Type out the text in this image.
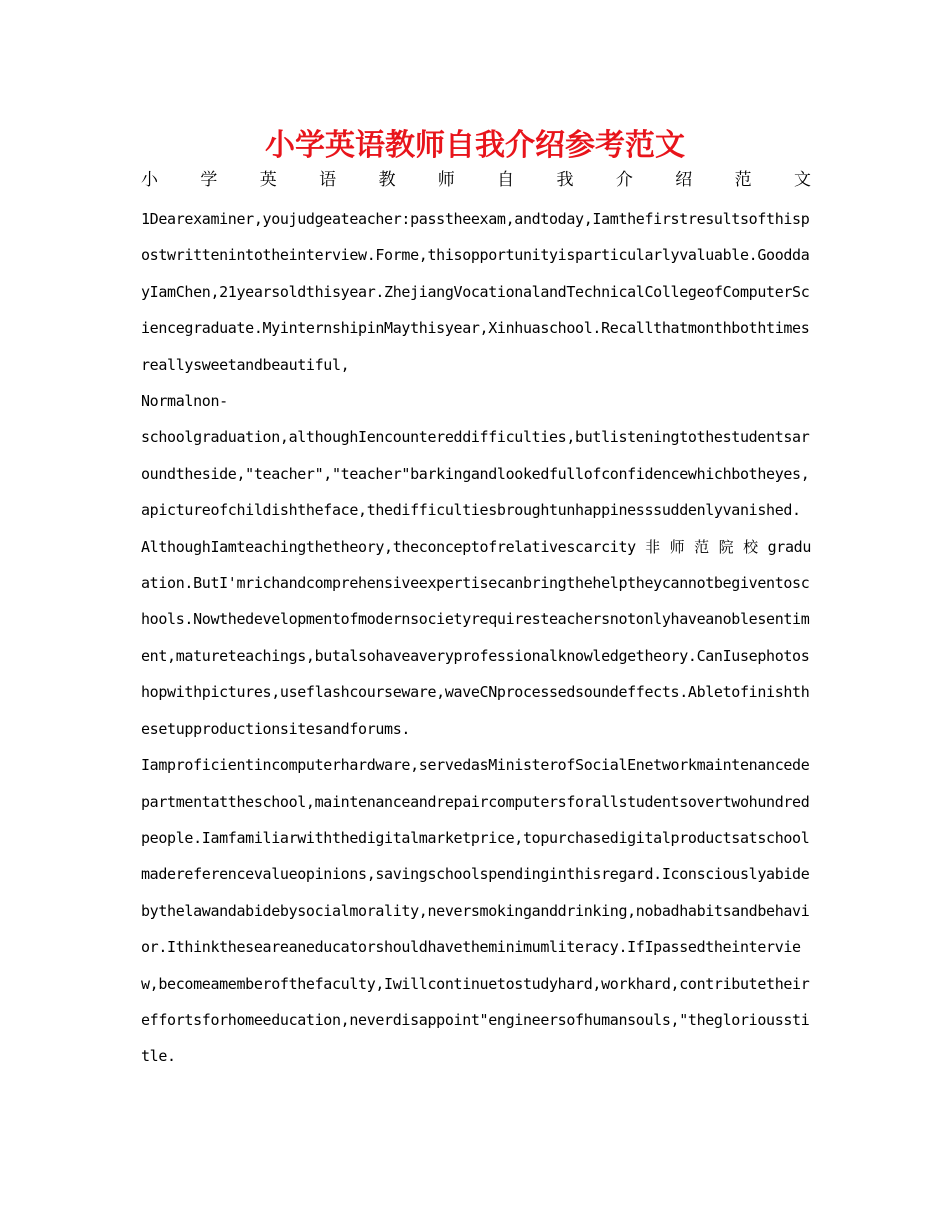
小学英语教师自我介绍参考范文
小 学 英 语 教 师 自 我 介 绍 范 文

1Dearexaminer,youjudgeateacher:passtheexam,andtoday,Iamthefirstresultsofthispostwrittenintotheinterview.Forme,thisopportunityisparticularlyvaluable.GooddayIamChen,21yearsoldthisyear.ZhejiangVocationalandTechnicalCollegeofComputerSciencegraduate.MyinternshipinMaythisyear,Xinhuaschool.Recallthatmonthbothtimesreallysweetandbeautiful,

Normalnon-

schoolgraduation,althoughIencountereddifficulties,butlisteningtothestudentsaroundtheside,"teacher","teacher"barkingandlookedfullofconfidencewhichbotheyes,apictureofchildishtheface,thedifficultiesbroughtunhappinesssuddenlyvanished.

AlthoughIamteachingthetheory,theconceptofrelativescarcity 非 师 范 院 校 graduation.ButI'mrichandcomprehensiveexpertisecanbringthehelptheycannotbegiventoschools.Nowthedevelopmentofmodernsocietyrequiresteachersnotonlyhaveanoblesentiment,matureteachings,butalsohaveaveryprofessionalknowledgetheory.CanIusephotoshopwithpictures,useflashcourseware,waveCNprocessedsoundeffects.Abletofinishthesetupproductionsitesandforums.

Iamproficientincomputerhardware,servedasMinisterofSocialEnetworkmaintenancedepartmentattheschool,maintenanceandrepaircomputersforallstudentsovertwohundredpeople.Iamfamiliarwiththedigitalmarketprice,topurchasedigitalproductsatschoolmadereferencevalueopinions,savingschoolspendinginthisregard.Iconsciouslyabidebythelawandabidebysocialmorality,neversmokinganddrinking,nobadhabitsandbehavior.Ithinktheseareaneducatorshouldhavetheminimumliteracy.IfIpassedtheinterview,becomeamemberofthefaculty,Iwillcontinuetostudyhard,workhard,contributetheireffortsforhomeeducation,neverdisappoint"engineersofhumansouls,"thegloriousstitle.
